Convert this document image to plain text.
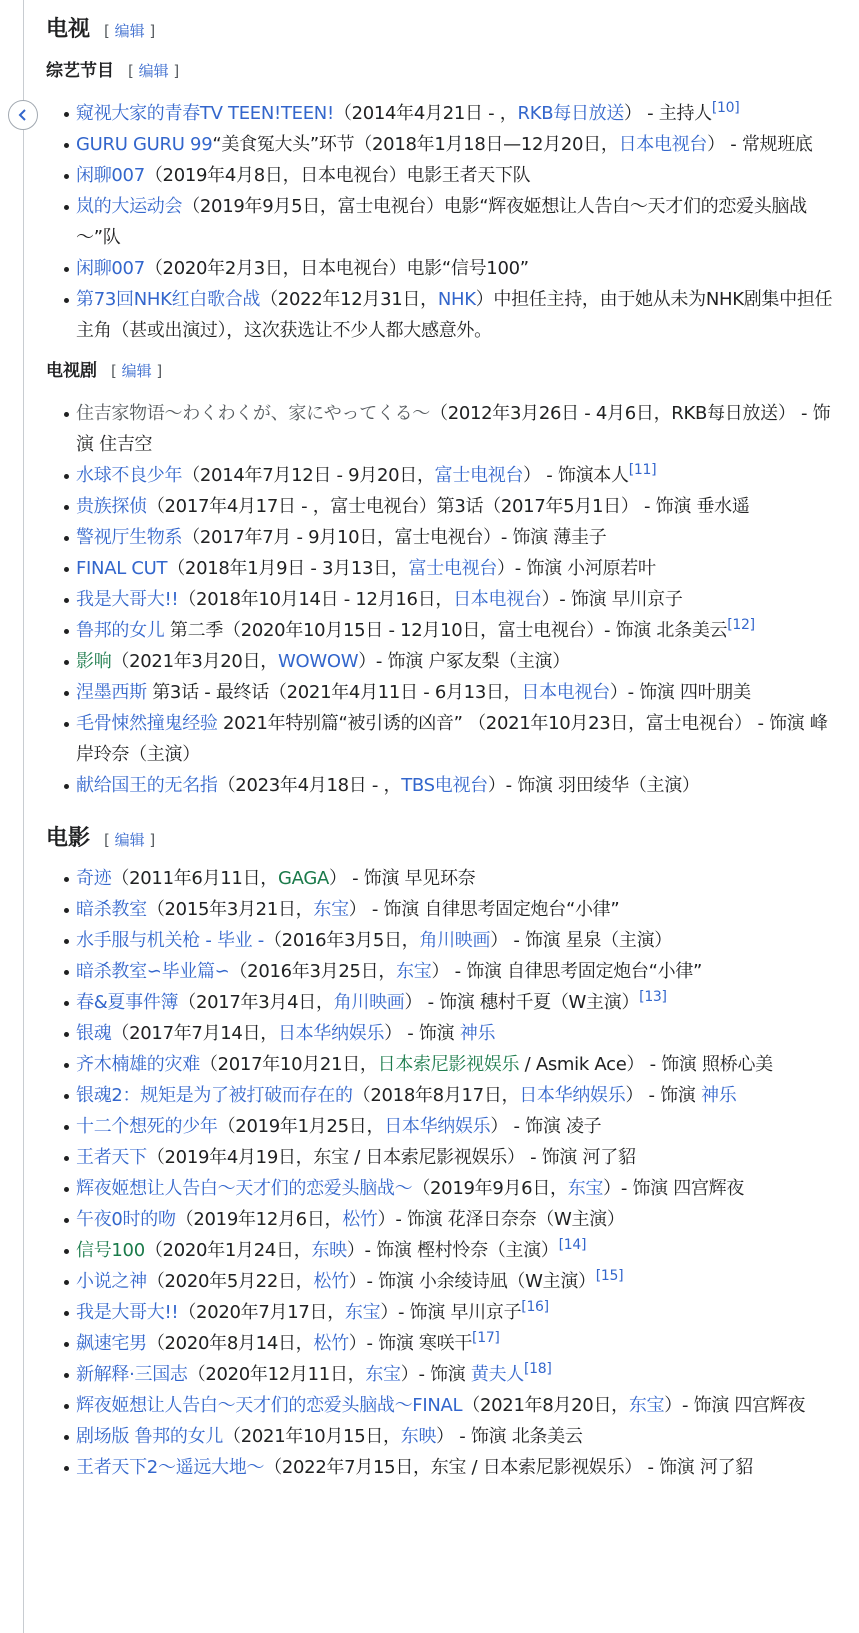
电视 [ 编辑 ]
综艺节目 [ 编辑 ]
窥视大家的青春TV TEEN!TEEN!（2014年4月21日 - ，RKB每日放送） - 主持人[10]
GURU GURU 99“美食冤大头”环节（2018年1月18日—12月20日，日本电视台） - 常规班底
闲聊007（2019年4月8日，日本电视台）电影王者天下队
岚的大运动会（2019年9月5日，富士电视台）电影“辉夜姬想让人告白～天才们的恋爱头脑战～”队
闲聊007（2020年2月3日，日本电视台）电影“信号100”
第73回NHK红白歌合战（2022年12月31日，NHK）中担任主持，由于她从未为NHK剧集中担任主角（甚或出演过），这次获选让不少人都大感意外。
电视剧 [ 编辑 ]
住吉家物语～わくわくが、家にやってくる～（2012年3月26日 - 4月6日，RKB每日放送） - 饰演 住吉空
水球不良少年（2014年7月12日 - 9月20日，富士电视台） - 饰演本人[11]
贵族探侦（2017年4月17日 - ，富士电视台）第3话（2017年5月1日） - 饰演 垂水遥
警视厅生物系（2017年7月 - 9月10日，富士电视台）- 饰演 薄圭子
FINAL CUT（2018年1月9日 - 3月13日，富士电视台）- 饰演 小河原若叶
我是大哥大!!（2018年10月14日 - 12月16日，日本电视台）- 饰演 早川京子
鲁邦的女儿 第二季（2020年10月15日 - 12月10日，富士电视台）- 饰演 北条美云[12]
影响（2021年3月20日，WOWOW）- 饰演 户冢友梨（主演）
涅墨西斯 第3话 - 最终话（2021年4月11日 - 6月13日，日本电视台）- 饰演 四叶朋美
毛骨悚然撞鬼经验 2021年特别篇“被引诱的凶音” （2021年10月23日，富士电视台） - 饰演 峰岸玲奈（主演）
献给国王的无名指（2023年4月18日 - ，TBS电视台）- 饰演 羽田绫华（主演）
电影 [ 编辑 ]
奇迹（2011年6月11日，GAGA） - 饰演 早见环奈
暗杀教室（2015年3月21日，东宝） - 饰演 自律思考固定炮台“小律”
水手服与机关枪 - 毕业 -（2016年3月5日，角川映画） - 饰演 星泉（主演）
暗杀教室∽毕业篇∽（2016年3月25日，东宝） - 饰演 自律思考固定炮台“小律”
春&夏事件簿（2017年3月4日，角川映画） - 饰演 穗村千夏（W主演）[13]
银魂（2017年7月14日，日本华纳娱乐） - 饰演 神乐
齐木楠雄的灾难（2017年10月21日，日本索尼影视娱乐 / Asmik Ace） - 饰演 照桥心美
银魂2：规矩是为了被打破而存在的（2018年8月17日，日本华纳娱乐） - 饰演 神乐
十二个想死的少年（2019年1月25日，日本华纳娱乐） - 饰演 凌子
王者天下（2019年4月19日，东宝 / 日本索尼影视娱乐） - 饰演 河了貂
辉夜姬想让人告白～天才们的恋爱头脑战～（2019年9月6日，东宝）- 饰演 四宫辉夜
午夜0时的吻（2019年12月6日，松竹）- 饰演 花泽日奈奈（W主演）
信号100（2020年1月24日，东映）- 饰演 樫村怜奈（主演）[14]
小说之神（2020年5月22日，松竹）- 饰演 小余绫诗凪（W主演）[15]
我是大哥大!!（2020年7月17日，东宝）- 饰演 早川京子[16]
飙速宅男（2020年8月14日，松竹）- 饰演 寒咲干[17]
新解释·三国志（2020年12月11日，东宝）- 饰演 黄夫人[18]
辉夜姬想让人告白～天才们的恋爱头脑战～FINAL（2021年8月20日，东宝）- 饰演 四宫辉夜
剧场版 鲁邦的女儿（2021年10月15日，东映） - 饰演 北条美云
王者天下2～遥远大地～（2022年7月15日，东宝 / 日本索尼影视娱乐） - 饰演 河了貂
